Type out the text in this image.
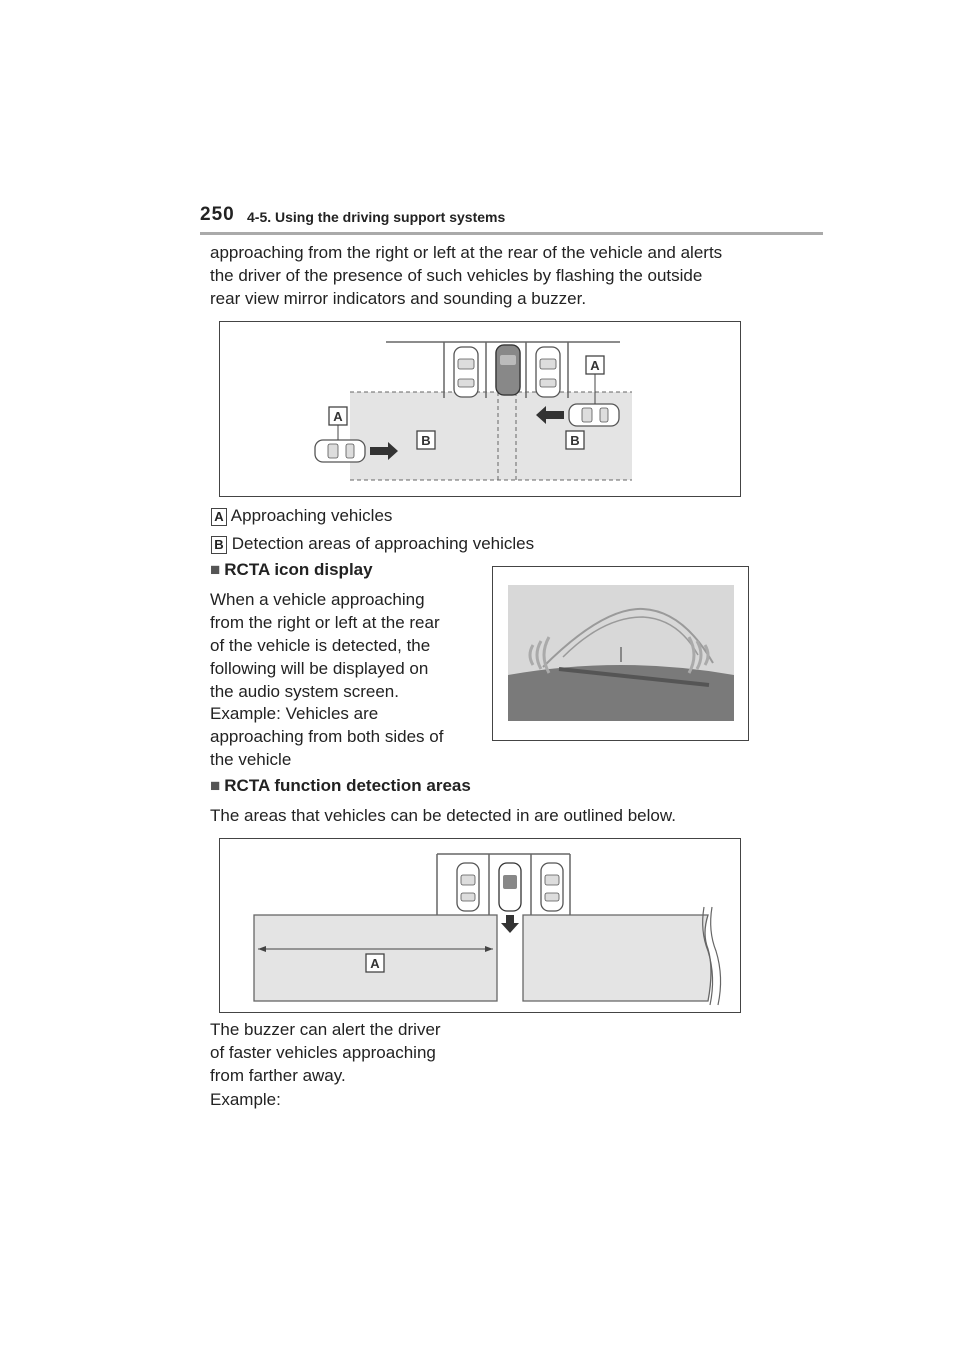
250 4-5. Using the driving support systems
approaching from the right or left at the rear of the vehicle and alerts
the driver of the presence of such vehicles by flashing the outside
rear view mirror indicators and sounding a buzzer.
A
A
B	B
A Approaching vehicles
B Detection areas of approaching vehicles
■ RCTA icon display
When a vehicle approaching
from the right or left at the rear
of the vehicle is detected, the
following will be displayed on
the audio system screen.
Example: Vehicles are
approaching from both sides of
the vehicle
■ RCTA function detection areas
The areas that vehicles can be detected in are outlined below.
A
The buzzer can alert the driver
of faster vehicles approaching
from farther away.
Example:
